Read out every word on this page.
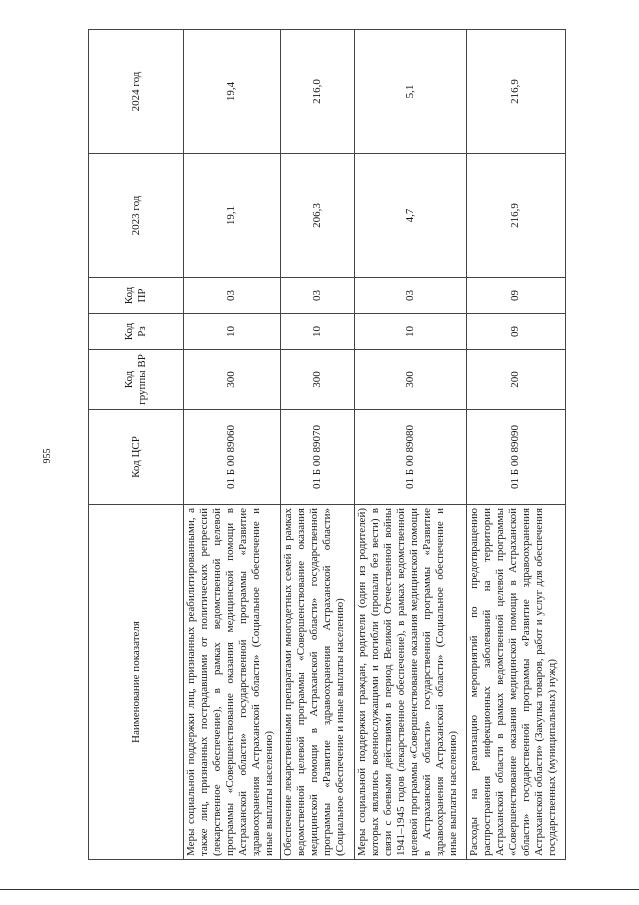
955
Наименование показателя	Код ЦСР	Код группы ВР	Код Рз	Код ПР	2023 год	2024 год
Меры социальной поддержки лиц, признанных реабилитированными, а также лиц, признанных пострадавшими от политических репрессий (лекарственное обеспечение), в рамках ведомственной целевой программы «Совершенствование оказания медицинской помощи в Астраханской области» государственной программы «Развитие здравоохранения Астраханской области» (Социальное обеспечение и иные выплаты населению)	01 Б 00 89060	300	10	03	19,1	19,4
Обеспечение лекарственными препаратами многодетных семей в рамках ведомственной целевой программы «Совершенствование оказания медицинской помощи в Астраханской области» государственной программы «Развитие здравоохранения Астраханской области» (Социальное обеспечение и иные выплаты населению)	01 Б 00 89070	300	10	03	206,3	216,0
Меры социальной поддержки граждан, родители (один из родителей) которых являлись военнослужащими и погибли (пропали без вести) в связи с боевыми действиями в период Великой Отечественной войны 1941–1945 годов (лекарственное обеспечение), в рамках ведомственной целевой программы «Совершенствование оказания медицинской помощи в Астраханской области» государственной программы «Развитие здравоохранения Астраханской области» (Социальное обеспечение и иные выплаты населению)	01 Б 00 89080	300	10	03	4,7	5,1
Расходы на реализацию мероприятий по предотвращению распространения инфекционных заболеваний на территории Астраханской области в рамках ведомственной целевой программы «Совершенствование оказания медицинской помощи в Астраханской области» государственной программы «Развитие здравоохранения Астраханской области» (Закупка товаров, работ и услуг для обеспечения государственных (муниципальных) нужд)	01 Б 00 89090	200	09	09	216,9	216,9
